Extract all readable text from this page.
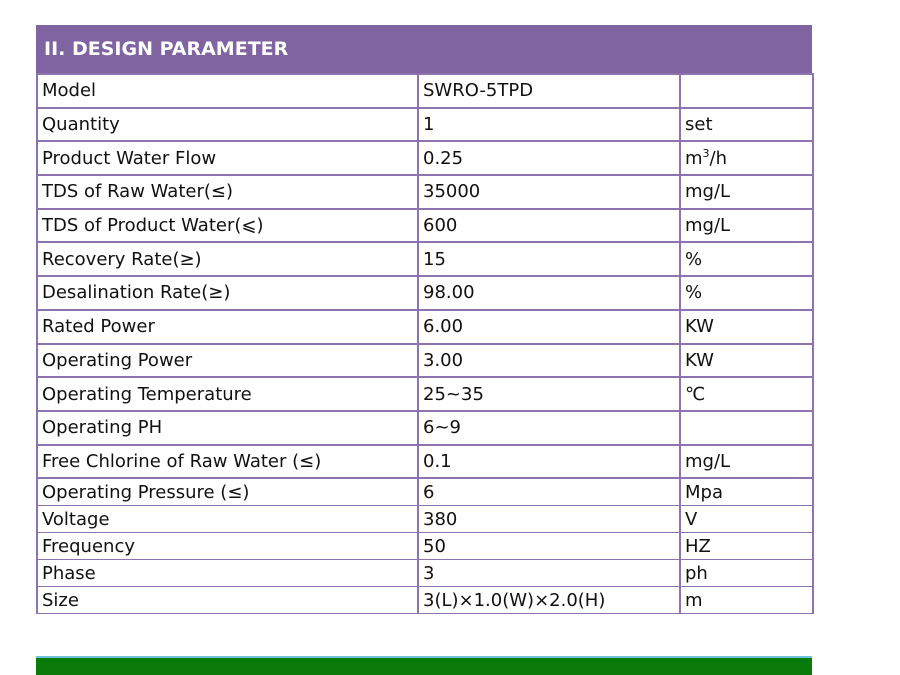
II. DESIGN PARAMETER
Model	SWRO-5TPD	
Quantity	1	set
Product Water Flow	0.25	$m^3/h$
TDS of Raw Water(≤)	35000	mg/L
TDS of Product Water(⩽)	600	mg/L
Recovery Rate(≥)	15	%
Desalination Rate(≥)	98.00	%
Rated Power	6.00	KW
Operating Power	3.00	KW
Operating Temperature	25~35	℃
Operating PH	6~9	
Free Chlorine of Raw Water (≤)	0.1	mg/L
Operating Pressure (≤)	6	Mpa
Voltage	380	V
Frequency	50	HZ
Phase	3	ph
Size	3(L)×1.0(W)×2.0(H)	m
